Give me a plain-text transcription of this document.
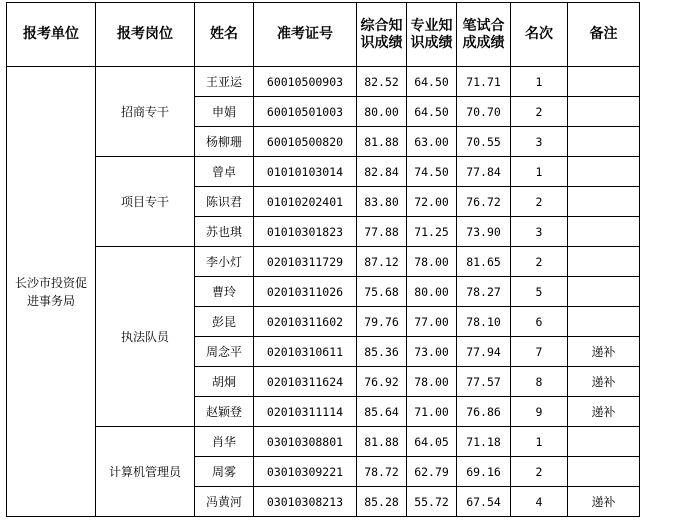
报考单位	报考岗位	姓名	准考证号	综合知识成绩	专业知识成绩	笔试合成成绩	名次	备注
长沙市投资促进事务局	招商专干	王亚运	60010500903	82.52	64.50	71.71	1	
		申娟	60010501003	80.00	64.50	70.70	2	
		杨柳珊	60010500820	81.88	63.00	70.55	3	
	项目专干	曾卓	01010103014	82.84	74.50	77.84	1	
		陈识君	01010202401	83.80	72.00	76.72	2	
		苏也琪	01010301823	77.88	71.25	73.90	3	
	执法队员	李小灯	02010311729	87.12	78.00	81.65	2	
		曹玲	02010311026	75.68	80.00	78.27	5	
		彭昆	02010311602	79.76	77.00	78.10	6	
		周念平	02010310611	85.36	73.00	77.94	7	递补
		胡炯	02010311624	76.92	78.00	77.57	8	递补
		赵颖登	02010311114	85.64	71.00	76.86	9	递补
	计算机管理员	肖华	03010308801	81.88	64.05	71.18	1	
		周雾	03010309221	78.72	62.79	69.16	2	
		冯黄河	03010308213	85.28	55.72	67.54	4	递补
